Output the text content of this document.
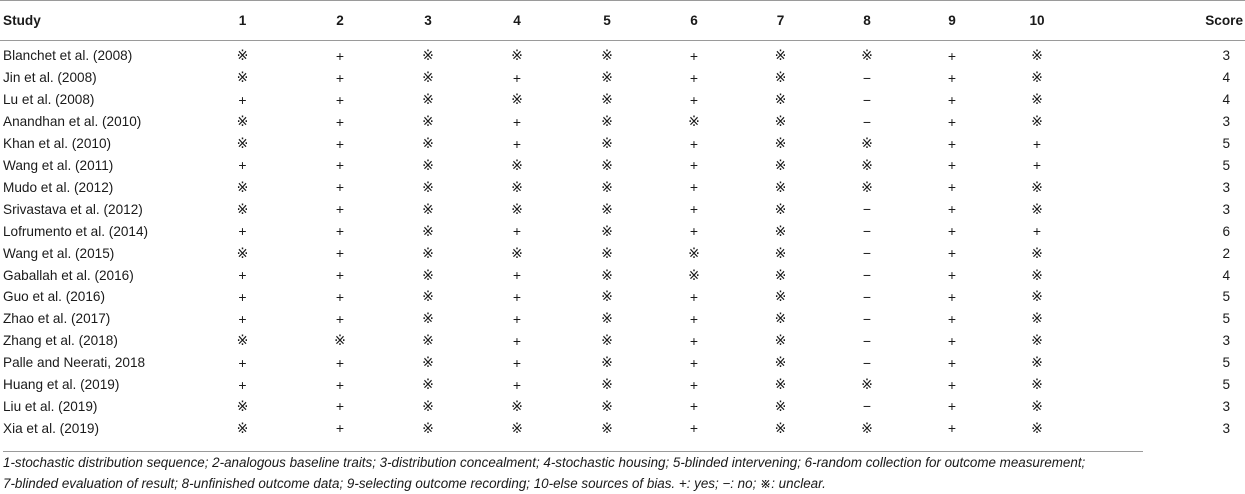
Study	1	2	3	4	5	6	7	8	9	10	Score
Blanchet et al. (2008)	※	+	※	※	※	+	※	※	+	※	3
Jin et al. (2008)	※	+	※	+	※	+	※	−	+	※	4
Lu et al. (2008)	+	+	※	※	※	+	※	−	+	※	4
Anandhan et al. (2010)	※	+	※	+	※	※	※	−	+	※	3
Khan et al. (2010)	※	+	※	+	※	+	※	※	+	+	5
Wang et al. (2011)	+	+	※	※	※	+	※	※	+	+	5
Mudo et al. (2012)	※	+	※	※	※	+	※	※	+	※	3
Srivastava et al. (2012)	※	+	※	※	※	+	※	−	+	※	3
Lofrumento et al. (2014)	+	+	※	+	※	+	※	−	+	+	6
Wang et al. (2015)	※	+	※	※	※	※	※	−	+	※	2
Gaballah et al. (2016)	+	+	※	+	※	※	※	−	+	※	4
Guo et al. (2016)	+	+	※	+	※	+	※	−	+	※	5
Zhao et al. (2017)	+	+	※	+	※	+	※	−	+	※	5
Zhang et al. (2018)	※	※	※	+	※	+	※	−	+	※	3
Palle and Neerati, 2018	+	+	※	+	※	+	※	−	+	※	5
Huang et al. (2019)	+	+	※	+	※	+	※	※	+	※	5
Liu et al. (2019)	※	+	※	※	※	+	※	−	+	※	3
Xia et al. (2019)	※	+	※	※	※	+	※	※	+	※	3
1-stochastic distribution sequence; 2-analogous baseline traits; 3-distribution concealment; 4-stochastic housing; 5-blinded intervening; 6-random collection for outcome measurement;
7-blinded evaluation of result; 8-unfinished outcome data; 9-selecting outcome recording; 10-else sources of bias. +: yes; −: no; ※: unclear.
